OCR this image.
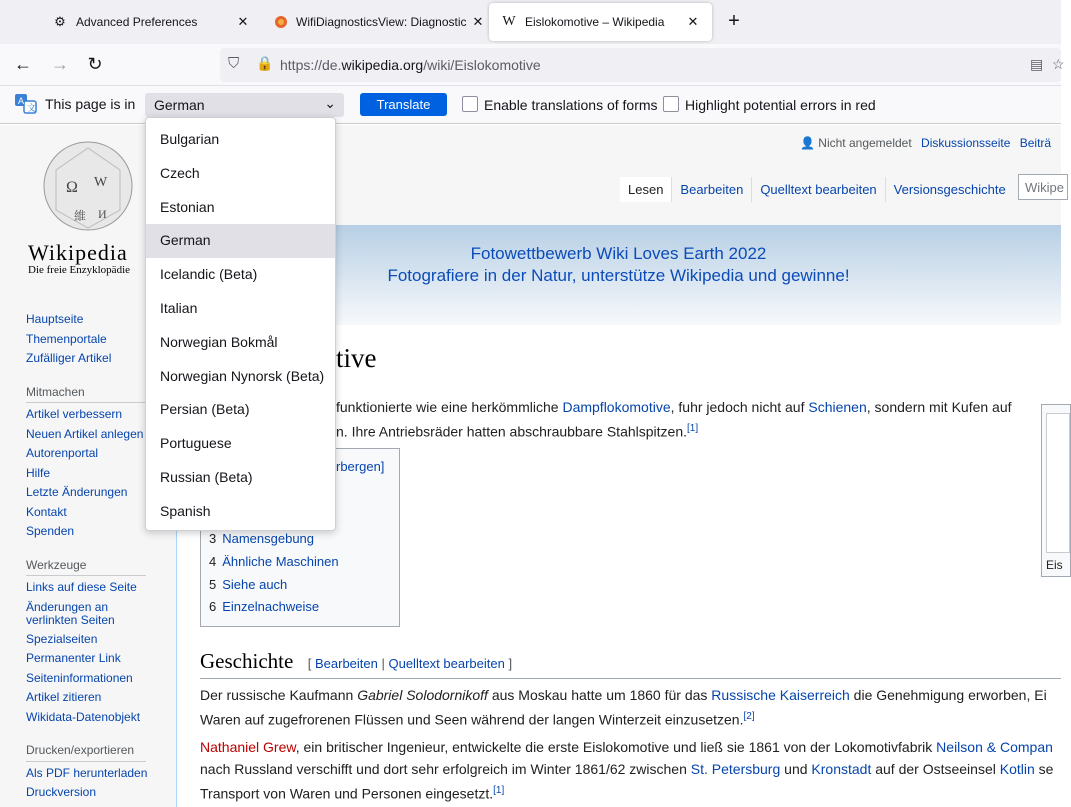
⚙ Advanced Preferences	✕	WifiDiagnosticsView: Diagnostic ✕ W Eislokomotive – Wikipedia	✕	+
← → ↻	⛉ 🔒 https://de.wikipedia.org/wiki/Eislokomotive	▤ ☆
A
文 This page is in	German	⌄	Translate	Enable translations of forms Highlight potential errors in red
Ω W
維 И
Wikipedia
Die freie Enzyklopädie
Hauptseite
Themenportale
Zufälliger Artikel
Mitmachen
Artikel verbessern
Neuen Artikel anlegen
Autorenportal
Hilfe
Letzte Änderungen
Kontakt
Spenden
Werkzeuge
Links auf diese Seite
Änderungen an verlinkten Seiten
Spezialseiten
Permanenter Link
Seiteninformationen
Artikel zitieren
Wikidata-Datenobjekt
Drucken/exportieren
Als PDF herunterladen
Druckversion
👤 Nicht angemeldet Diskussionsseite Beiträ
Lesen Bearbeiten Quelltext bearbeiten Versionsgeschichte	Wikipe
Fotowettbewerb Wiki Loves Earth 2022
Fotografiere in der Natur, unterstütze Wikipedia und gewinne!
tive
funktionierte wie eine herkömmliche Dampflokomotive, fuhr jedoch nicht auf Schienen, sondern mit Kufen auf
n. Ihre Antriebsräder hatten abschraubbare Stahlspitzen.[1]
Eis
rbergen]
3 Namensgebung
4 Ähnliche Maschinen
5 Siehe auch
6 Einzelnachweise
Geschichte [ Bearbeiten | Quelltext bearbeiten ]
Der russische Kaufmann Gabriel Solodornikoff aus Moskau hatte um 1860 für das Russische Kaiserreich die Genehmigung erworben, Ei
Waren auf zugefrorenen Flüssen und Seen während der langen Winterzeit einzusetzen.[2]
Nathaniel Grew, ein britischer Ingenieur, entwickelte die erste Eislokomotive und ließ sie 1861 von der Lokomotivfabrik Neilson & Compan
nach Russland verschifft und dort sehr erfolgreich im Winter 1861/62 zwischen St. Petersburg und Kronstadt auf der Ostseeinsel Kotlin se
Transport von Waren und Personen eingesetzt.[1]
Bulgarian
Czech
Estonian
German
Icelandic (Beta)
Italian
Norwegian Bokmål
Norwegian Nynorsk (Beta)
Persian (Beta)
Portuguese
Russian (Beta)
Spanish
